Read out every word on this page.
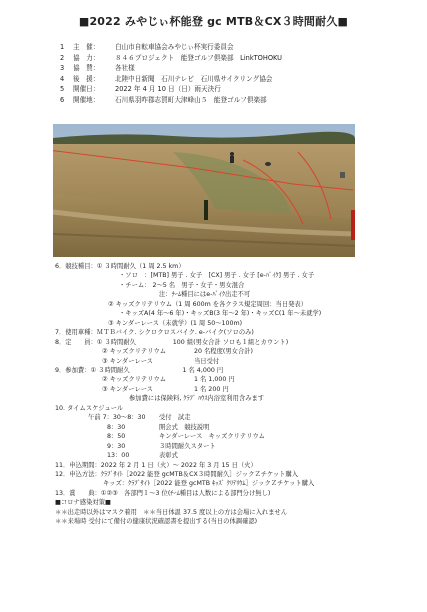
■2022 みやじぃ杯能登 gc MTB＆CX３時間耐久■
1 主　催： 白山市自転車協会みやじぃ杯実行委員会
2 協　力： ８４６プロジェクト　能登ゴルフ倶楽部　LinkTOHOKU
3 協　賛： 各社様
4 後　援： 北陸中日新聞　石川テレビ　石川県サイクリング協会
5 開催日： 2022 年 4 月 10 日（日）雨天決行
6 開催地： 石川県羽咋郡志賀町大津峰山５　能登ゴルフ倶楽部
6．競技種目：① ３時間耐久（1 周 2.5 km）
・ソロ　：[MTB] 男子 . 女子　[CX] 男子 . 女子 [e-ﾊﾞｲｸ] 男子 . 女子
・チーム： 2～5 名　男子・女子・男女混合
注：ﾁｰﾑ種目にはe-ﾊﾞｲｸ出走不可
② キッズクリテリウム（1 周 600m を各クラス規定周回：当日発表）
・キッズA(4 年～6 年)・キッズB(3 年～2 年)・キッズC(1 年～未就学)
③ キンダーレース（未就学）(1 周 50～100m)
7．使用車種：ＭＴＢバイク. シクロクロスバイク. e-バイク(ソロのみ)
8．定　　員：① ３時間耐久	100 組(男女合計 ソロも１組とカウント)
② キッズクリテリウム	20 名程度(男女合計)
③ キンダーレース	当日受付
9．参加費：① ３時間耐久	1 名 4,000 円
② キッズクリテリウム	1 名 1,000 円
③ キンダーレース	1 名 200 円
参加費には保険料, ｸﾗﾌﾞ ﾊｳｽ内浴室利用含みます
10. タイムスケジュール
午前 7：30～8：30 受付　試走
8：30	開会式　競技説明
8：50	キンダーレース　キッズクリテリウム
9：30	３時間耐久スタート
13：00	表彰式
11．申込期間：2022 年 2 月 1 日（火）～ 2022 年 3 月 15 日（火）
12．申込方法：ｸﾗﾌﾞｻｲﾄ［2022 能登 gcMTB＆CX３時間耐久］ジックＺチケット購入
キッズ：ｸﾗﾌﾞｻｲﾄ［2022 能登 gcMTB ｷｯｽﾞ ｸﾘﾃﾘｳﾑ］ジックＺチケット購入
13．賞　　典：①②③　各部門１～3 位(ﾁｰﾑ種目は人数による部門分け無し)
■コロナ感染対策■
＊＊出走時以外はマスク着用　＊＊当日体温 37.5 度以上の方は会場に入れません
＊＊来場時 受付にて備付の健康状況確認書を提出する(当日の体調確認)
